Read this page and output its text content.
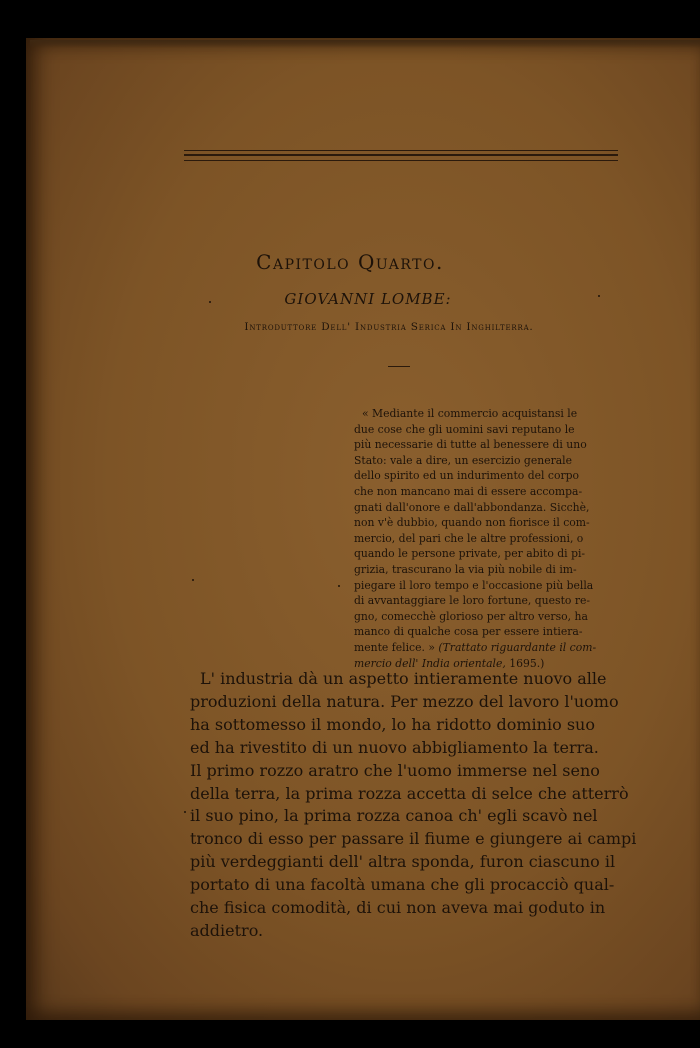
Capitolo Quarto.
GIOVANNI LOMBE:
Introduttore Dell' Industria Serica In Inghilterra.
« Mediante il commercio acquistansi le
due cose che gli uomini savi reputano le
più necessarie di tutte al benessere di uno
Stato: vale a dire, un esercizio generale
dello spirito ed un indurimento del corpo
che non mancano mai di essere accompa-
gnati dall'onore e dall'abbondanza. Sicchè,
non v'è dubbio, quando non fiorisce il com-
mercio, del pari che le altre professioni, o
quando le persone private, per abito di pi-
grizia, trascurano la via più nobile di im-
piegare il loro tempo e l'occasione più bella
di avvantaggiare le loro fortune, questo re-
gno, comecchè glorioso per altro verso, ha
manco di qualche cosa per essere intiera-
mente felice. » (Trattato riguardante il com-
mercio dell' India orientale, 1695.)
L' industria dà un aspetto intieramente nuovo alle
produzioni della natura. Per mezzo del lavoro l'uomo
ha sottomesso il mondo, lo ha ridotto dominio suo
ed ha rivestito di un nuovo abbigliamento la terra.
Il primo rozzo aratro che l'uomo immerse nel seno
della terra, la prima rozza accetta di selce che atterrò
il suo pino, la prima rozza canoa ch' egli scavò nel
tronco di esso per passare il fiume e giungere ai campi
più verdeggianti dell' altra sponda, furon ciascuno il
portato di una facoltà umana che gli procacciò qual-
che fisica comodità, di cui non aveva mai goduto in
addietro.
